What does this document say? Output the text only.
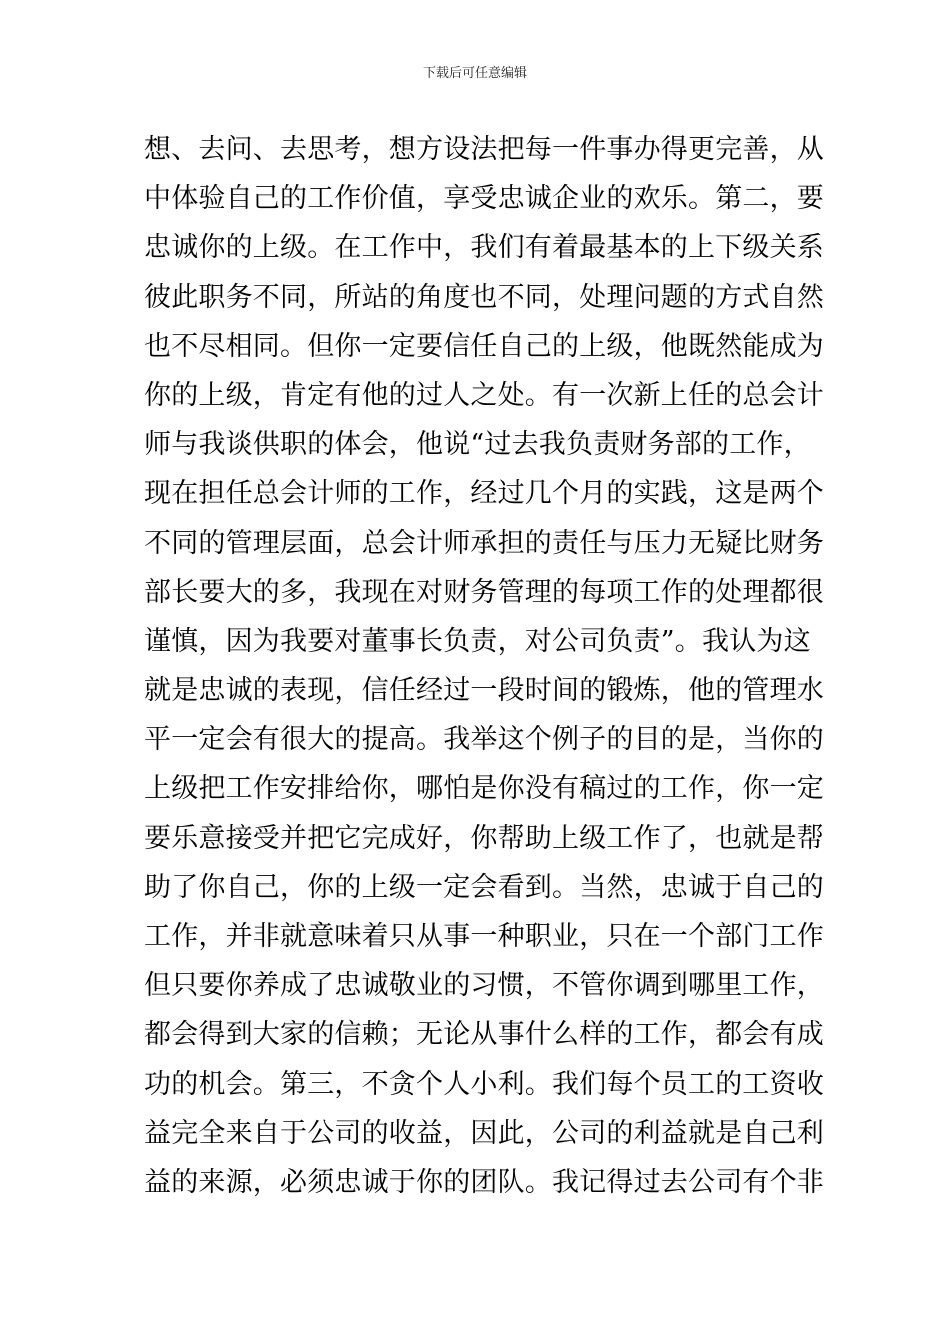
下载后可任意编辑
想、去问、去思考，想方设法把每一件事办得更完善，从
中体验自己的工作价值，享受忠诚企业的欢乐。第二，要
忠诚你的上级。在工作中，我们有着最基本的上下级关系
彼此职务不同，所站的角度也不同，处理问题的方式自然
也不尽相同。但你一定要信任自己的上级，他既然能成为
你的上级，肯定有他的过人之处。有一次新上任的总会计
师与我谈供职的体会，他说“过去我负责财务部的工作，
现在担任总会计师的工作，经过几个月的实践，这是两个
不同的管理层面，总会计师承担的责任与压力无疑比财务
部长要大的多，我现在对财务管理的每项工作的处理都很
谨慎，因为我要对董事长负责，对公司负责”。我认为这
就是忠诚的表现，信任经过一段时间的锻炼，他的管理水
平一定会有很大的提高。我举这个例子的目的是，当你的
上级把工作安排给你，哪怕是你没有稿过的工作，你一定
要乐意接受并把它完成好，你帮助上级工作了，也就是帮
助了你自己，你的上级一定会看到。当然，忠诚于自己的
工作，并非就意味着只从事一种职业，只在一个部门工作
但只要你养成了忠诚敬业的习惯，不管你调到哪里工作，
都会得到大家的信赖；无论从事什么样的工作，都会有成
功的机会。第三，不贪个人小利。我们每个员工的工资收
益完全来自于公司的收益，因此，公司的利益就是自己利
益的来源，必须忠诚于你的团队。我记得过去公司有个非
